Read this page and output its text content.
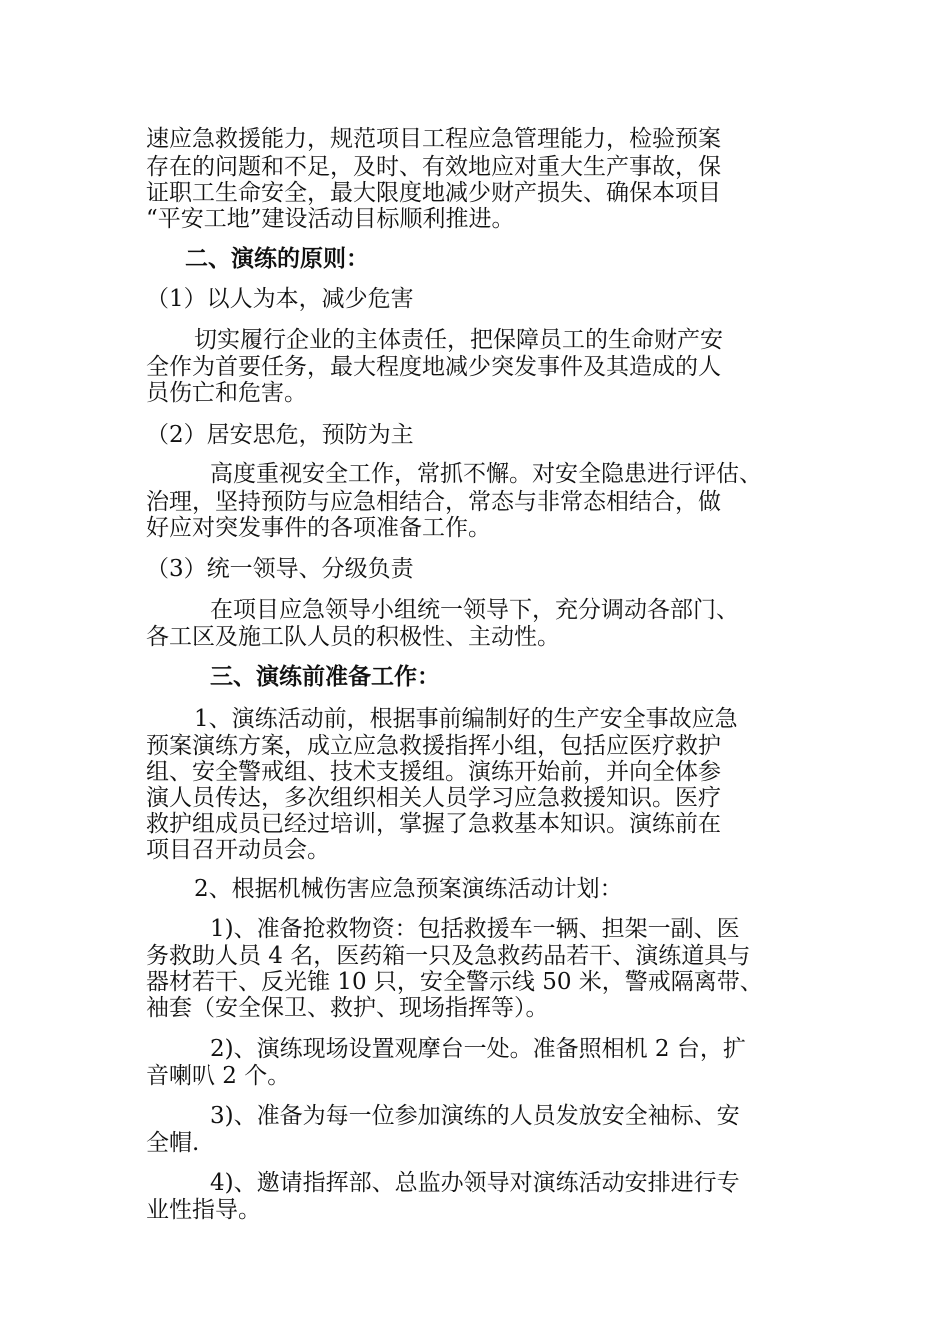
速应急救援能力，规范项目工程应急管理能力，检验预案
存在的问题和不足，及时、有效地应对重大生产事故，保
证职工生命安全，最大限度地减少财产损失、确保本项目
“平安工地”建设活动目标顺利推进。
二、演练的原则：
（1）以人为本，减少危害
切实履行企业的主体责任，把保障员工的生命财产安
全作为首要任务，最大程度地减少突发事件及其造成的人
员伤亡和危害。
（2）居安思危，预防为主
高度重视安全工作，常抓不懈。对安全隐患进行评估、
治理，坚持预防与应急相结合，常态与非常态相结合，做
好应对突发事件的各项准备工作。
（3）统一领导、分级负责
在项目应急领导小组统一领导下，充分调动各部门、
各工区及施工队人员的积极性、主动性。
三、演练前准备工作：
1、演练活动前，根据事前编制好的生产安全事故应急
预案演练方案，成立应急救援指挥小组，包括应医疗救护
组、安全警戒组、技术支援组。演练开始前，并向全体参
演人员传达，多次组织相关人员学习应急救援知识。医疗
救护组成员已经过培训，掌握了急救基本知识。演练前在
项目召开动员会。
2、根据机械伤害应急预案演练活动计划：
1)、准备抢救物资：包括救援车一辆、担架一副、医
务救助人员 4 名，医药箱一只及急救药品若干、演练道具与
器材若干、反光锥 10 只，安全警示线 50 米，警戒隔离带、
袖套（安全保卫、救护、现场指挥等）。
2)、演练现场设置观摩台一处。准备照相机 2 台，扩
音喇叭 2 个。
3)、准备为每一位参加演练的人员发放安全袖标、安
全帽.
4)、邀请指挥部、总监办领导对演练活动安排进行专
业性指导。
